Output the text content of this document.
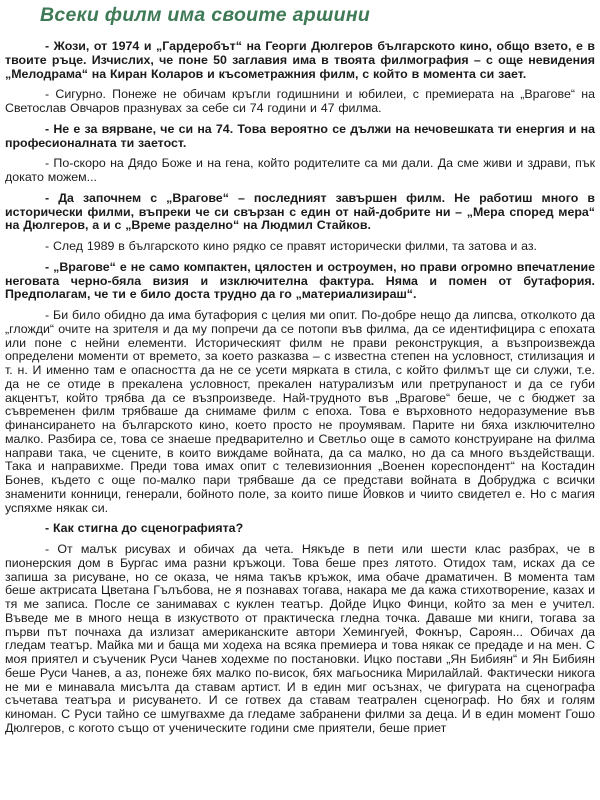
Всеки филм има своите аршини

- Жози, от 1974 и „Гардеробът“ на Георги Дюлгеров българското кино, общо взето, е в твоите ръце. Изчислих, че поне 50 заглавия има в твоята филмография – с още невидения „Мелодрама“ на Киран Коларов и късометражния филм, с който в момента си зает.

- Сигурно. Понеже не обичам кръгли годишнини и юбилеи, с премиерата на „Врагове“ на Светослав Овчаров празнувах за себе си 74 години и 47 филма.

- Не е за вярване, че си на 74. Това вероятно се дължи на нечовешката ти енергия и на професионалната ти заетост.

- По-скоро на Дядо Боже и на гена, който родителите са ми дали. Да сме живи и здрави, пък докато можем...

- Да започнем с „Врагове“ – последният завършен филм. Не работиш много в исторически филми, въпреки че си свързан с един от най-добрите ни – „Мера според мера“ на Дюлгеров, а и с „Време разделно“ на Людмил Стайков.

- След 1989 в българското кино рядко се правят исторически филми, та затова и аз.

- „Врагове“ е не само компактен, цялостен и остроумен, но прави огромно впечатление неговата черно-бяла визия и изключителна фактура. Няма и помен от бутафория. Предполагам, че ти е било доста трудно да го „материализираш“.

- Би било обидно да има бутафория с целия ми опит. По-добре нещо да липсва, отколкото да „гложди“ очите на зрителя и да му попречи да се потопи във филма, да се идентифицира с епохата или поне с нейни елементи. Историческият филм не прави реконструкция, а възпроизвежда определени моменти от времето, за което разказва – с известна степен на условност, стилизация и т. н. И именно там е опасността да не се усети мярката в стила, с който филмът ще си служи, т.е. да не се отиде в прекалена условност, прекален натурализъм или претрупаност и да се губи акцентът, който трябва да се възпроизведе. Най-трудното във „Врагове“ беше, че с бюджет за съвременен филм трябваше да снимаме филм с епоха. Това е върховното недоразумение във финансирането на българското кино, което просто не проумявам. Парите ни бяха изключително малко. Разбира се, това се знаеше предварително и Светльо още в самото конструиране на филма направи така, че сцените, в които виждаме войната, да са малко, но да са много въздействащи. Така и направихме. Преди това имах опит с телевизионния „Военен кореспондент“ на Костадин Бонев, където с още по-малко пари трябваше да се представи войната в Добруджа с всички знаменити конници, генерали, бойното поле, за които пише Йовков и чиито свидетел е. Но с магия успяхме някак си.

- Как стигна до сценографията?

- От малък рисувах и обичах да чета. Някъде в пети или шести клас разбрах, че в пионерския дом в Бургас има разни кръжоци. Това беше през лятото. Отидох там, исках да се запиша за рисуване, но се оказа, че няма такъв кръжок, има обаче драматичен. В момента там беше актрисата Цветана Гълъбова, не я познавах тогава, накара ме да кажа стихотворение, казах и тя ме записа. После се занимавах с куклен театър. Дойде Ицко Финци, който за мен е учител. Въведе ме в много неща в изкуството от практическа гледна точка. Даваше ми книги, тогава за първи път почнаха да излизат американските автори Хемингуей, Фокнър, Сароян... Обичах да гледам театър. Майка ми и баща ми ходеха на всяка премиера и това някак се предаде и на мен. С моя приятел и съученик Руси Чанев ходехме по постановки. Ицко постави „Ян Бибиян“ и Ян Бибиян беше Руси Чанев, а аз, понеже бях малко по-висок, бях магьосника Мирилайлай. Фактически никога не ми е минавала мисълта да ставам артист. И в един миг осъзнах, че фигурата на сценографа съчетава театъра и рисуването. И се готвех да ставам театрален сценограф. Но бях и голям киноман. С Руси тайно се шмугвахме да гледаме забранени филми за деца. И в един момент Гошо Дюлгеров, с когото също от ученическите години сме приятели, беше приет
